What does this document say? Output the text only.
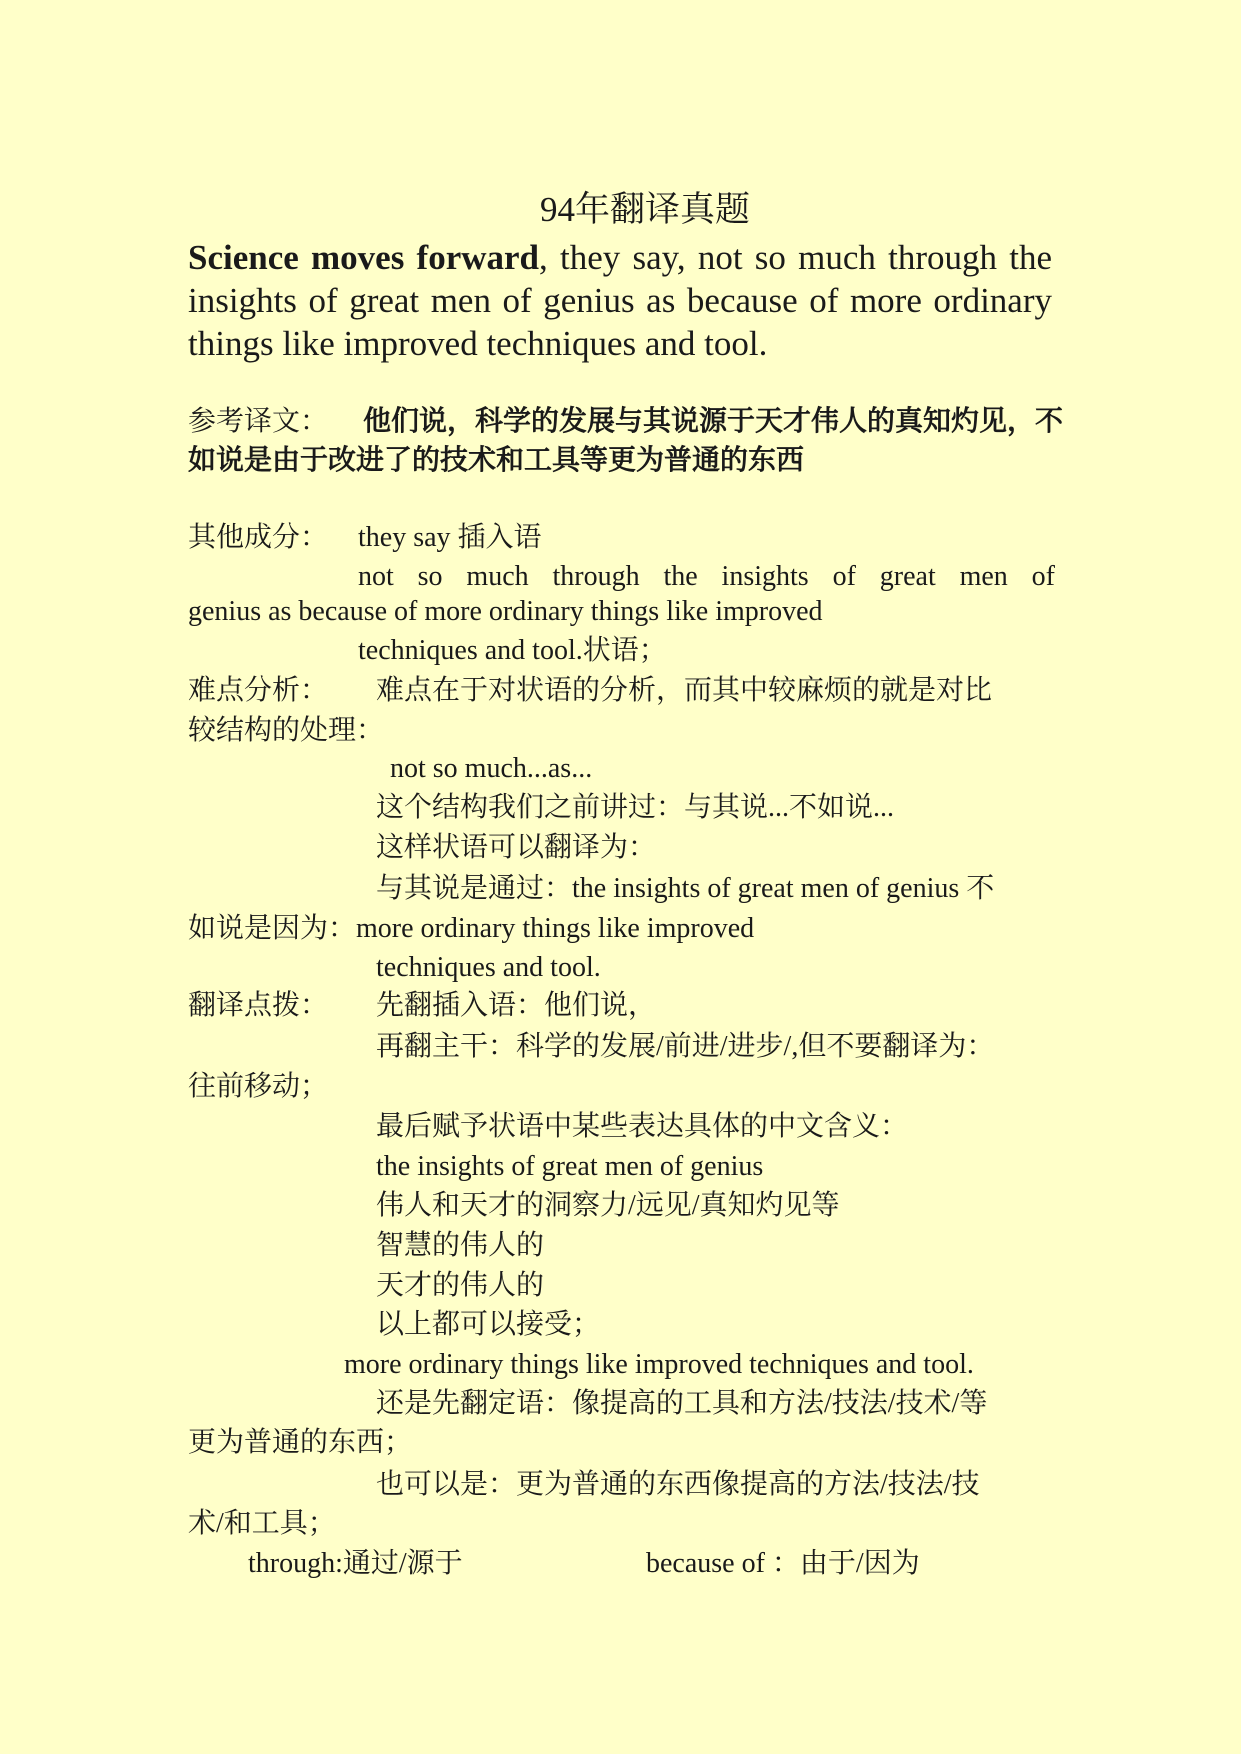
94年翻译真题
Science moves forward, they say, not so much through the insights of great men of genius as because of more ordinary things like improved techniques and tool.
参考译文： 他们说，科学的发展与其说源于天才伟人的真知灼见，不如说是由于改进了的技术和工具等更为普通的东西
其他成分： they say 插入语
not so much through the insights of great men of
genius as because of more ordinary things like improved
techniques and tool.状语；
难点分析： 难点在于对状语的分析，而其中较麻烦的就是对比
较结构的处理：
not so much...as...
这个结构我们之前讲过：与其说...不如说...
这样状语可以翻译为：
与其说是通过：the insights of great men of genius 不
如说是因为：more ordinary things like improved
techniques and tool.
翻译点拨： 先翻插入语：他们说，
再翻主干：科学的发展/前进/进步/,但不要翻译为：
往前移动；
最后赋予状语中某些表达具体的中文含义：
the insights of great men of genius
伟人和天才的洞察力/远见/真知灼见等
智慧的伟人的
天才的伟人的
以上都可以接受；
more ordinary things like improved techniques and tool.
还是先翻定语：像提高的工具和方法/技法/技术/等
更为普通的东西；
也可以是：更为普通的东西像提高的方法/技法/技
术/和工具；
through:通过/源于	because of ：由于/因为
